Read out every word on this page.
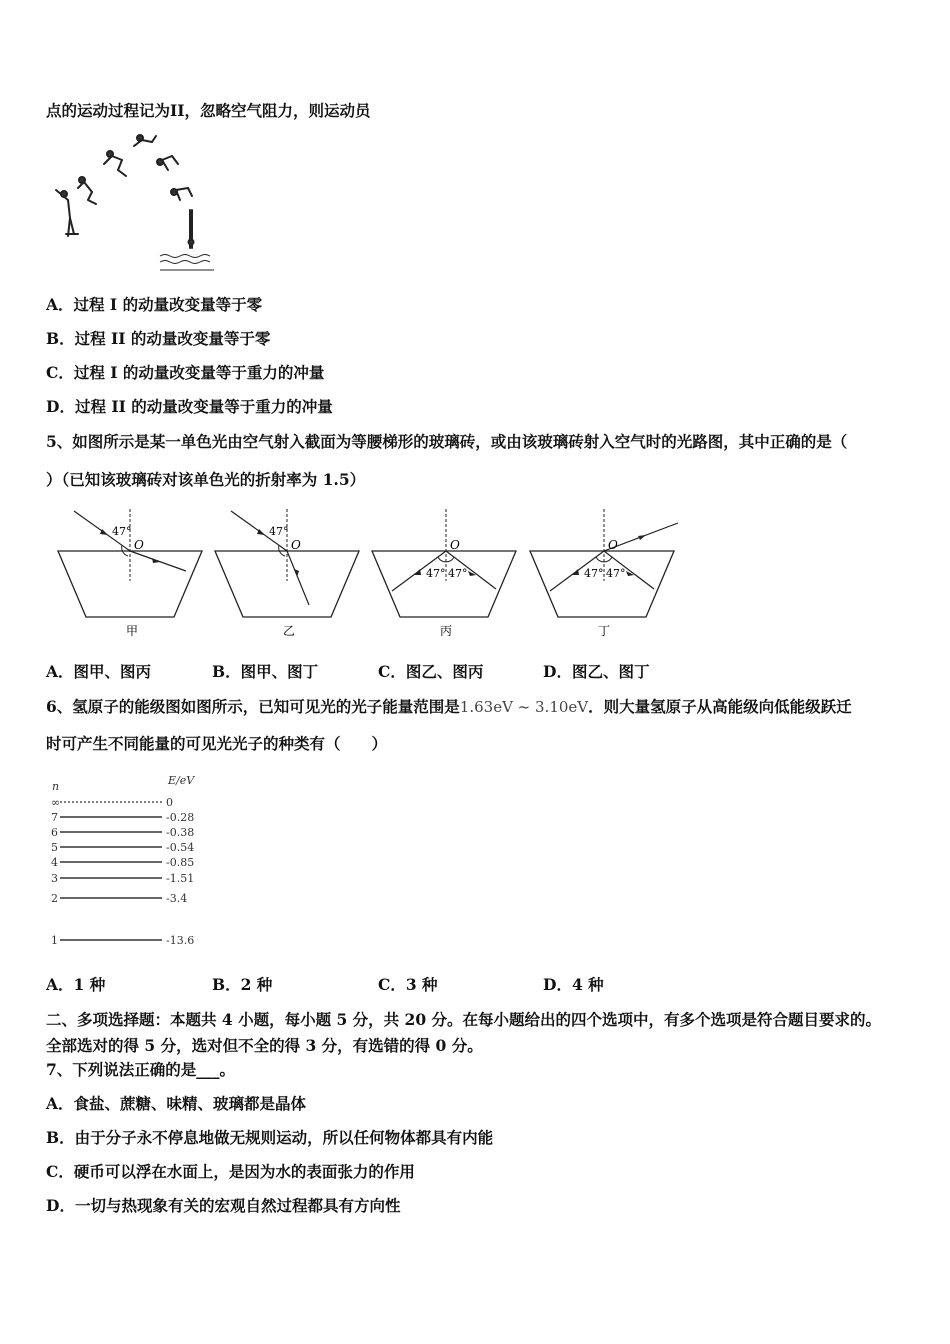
点的运动过程记为II，忽略空气阻力，则运动员
A．过程 I 的动量改变量等于零
B．过程 II 的动量改变量等于零
C．过程 I 的动量改变量等于重力的冲量
D．过程 II 的动量改变量等于重力的冲量
5、如图所示是某一单色光由空气射入截面为等腰梯形的玻璃砖，或由该玻璃砖射入空气时的光路图，其中正确的是（
）（已知该玻璃砖对该单色光的折射率为 1.5）
47°
O
甲
47°
O
乙
47° 47°
O
丙
47° 47°
O
丁
A．图甲、图丙	B．图甲、图丁	C．图乙、图丙	D．图乙、图丁
6、氢原子的能级图如图所示，已知可见光的光子能量范围是1.63eV ~ 3.10eV．则大量氢原子从高能级向低能级跃迁
时可产生不同能量的可见光光子的种类有（　　）
n	E/eV
∞	0
7	-0.28
6	-0.38
5	-0.54
4	-0.85
3	-1.51
2	-3.4
1	-13.6
A．1 种	B．2 种	C．3 种	D．4 种
二、多项选择题：本题共 4 小题，每小题 5 分，共 20 分。在每小题给出的四个选项中，有多个选项是符合题目要求的。
全部选对的得 5 分，选对但不全的得 3 分，有选错的得 0 分。
7、下列说法正确的是___。
A．食盐、蔗糖、味精、玻璃都是晶体
B．由于分子永不停息地做无规则运动，所以任何物体都具有内能
C．硬币可以浮在水面上，是因为水的表面张力的作用
D．一切与热现象有关的宏观自然过程都具有方向性
